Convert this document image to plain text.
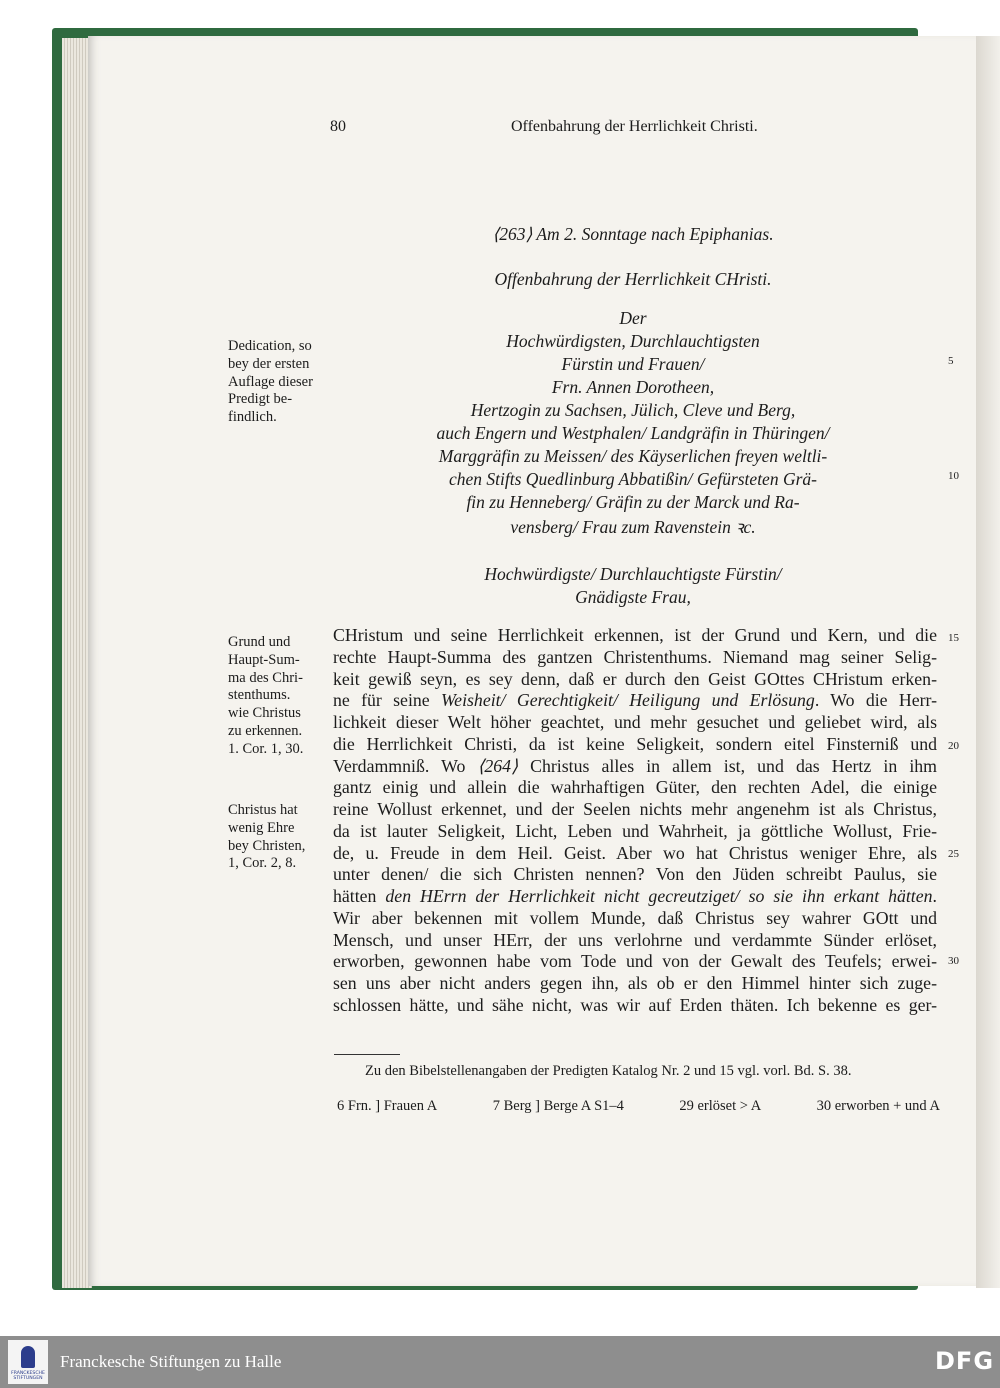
80	Offenbahrung der Herrlichkeit Christi.
⟨263⟩ Am 2. Sonntage nach Epiphanias.
Offenbahrung der Herrlichkeit CHristi.
Der
Hochwürdigsten, Durchlauchtigsten
Fürstin und Frauen/
Frn. Annen Dorotheen,
Hertzogin zu Sachsen, Jülich, Cleve und Berg,
auch Engern und Westphalen/ Landgräfin in Thüringen/
Marggräfin zu Meissen/ des Käyserlichen freyen weltli-
chen Stifts Quedlinburg Abbatißin/ Gefürsteten Grä-
fin zu Henneberg/ Gräfin zu der Marck und Ra-
vensberg/ Frau zum Ravenstein ꝛc.
Hochwürdigste/ Durchlauchtigste Fürstin/
Gnädigste Frau,
Dedication, so
bey der ersten
Auflage dieser
Predigt be-
findlich.
Grund und
Haupt-Sum-
ma des Chri-
stenthums.
wie Christus
zu erkennen.
1. Cor. 1, 30.
Christus hat
wenig Ehre
bey Christen,
1, Cor. 2, 8.
5
10
15
20
25
30
CHristum und seine Herrlichkeit erkennen, ist der Grund und Kern, und die
rechte Haupt-Summa des gantzen Christenthums. Niemand mag seiner Selig-
keit gewiß seyn, es sey denn, daß er durch den Geist GOttes CHristum erken-
ne für seine Weisheit/ Gerechtigkeit/ Heiligung und Erlösung. Wo die Herr-
lichkeit dieser Welt höher geachtet, und mehr gesuchet und geliebet wird, als
die Herrlichkeit Christi, da ist keine Seligkeit, sondern eitel Finsterniß und
Verdammniß. Wo ⟨264⟩ Christus alles in allem ist, und das Hertz in ihm
gantz einig und allein die wahrhaftigen Güter, den rechten Adel, die einige
reine Wollust erkennet, und der Seelen nichts mehr angenehm ist als Christus,
da ist lauter Seligkeit, Licht, Leben und Wahrheit, ja göttliche Wollust, Frie-
de, u. Freude in dem Heil. Geist. Aber wo hat Christus weniger Ehre, als
unter denen/ die sich Christen nennen? Von den Jüden schreibt Paulus, sie
hätten den HErrn der Herrlichkeit nicht gecreutziget/ so sie ihn erkant hätten.
Wir aber bekennen mit vollem Munde, daß Christus sey wahrer GOtt und
Mensch, und unser HErr, der uns verlohrne und verdammte Sünder erlöset,
erworben, gewonnen habe vom Tode und von der Gewalt des Teufels; erwei-
sen uns aber nicht anders gegen ihn, als ob er den Himmel hinter sich zuge-
schlossen hätte, und sähe nicht, was wir auf Erden thäten. Ich bekenne es ger-
Zu den Bibelstellenangaben der Predigten Katalog Nr. 2 und 15 vgl. vorl. Bd. S. 38.
6 Frn. ] Frauen A	7 Berg ] Berge A S1–4	29 erlöset > A	30 erworben + und A
FRANCKESCHE STIFTUNGEN
Franckesche Stiftungen zu Halle	DFG
